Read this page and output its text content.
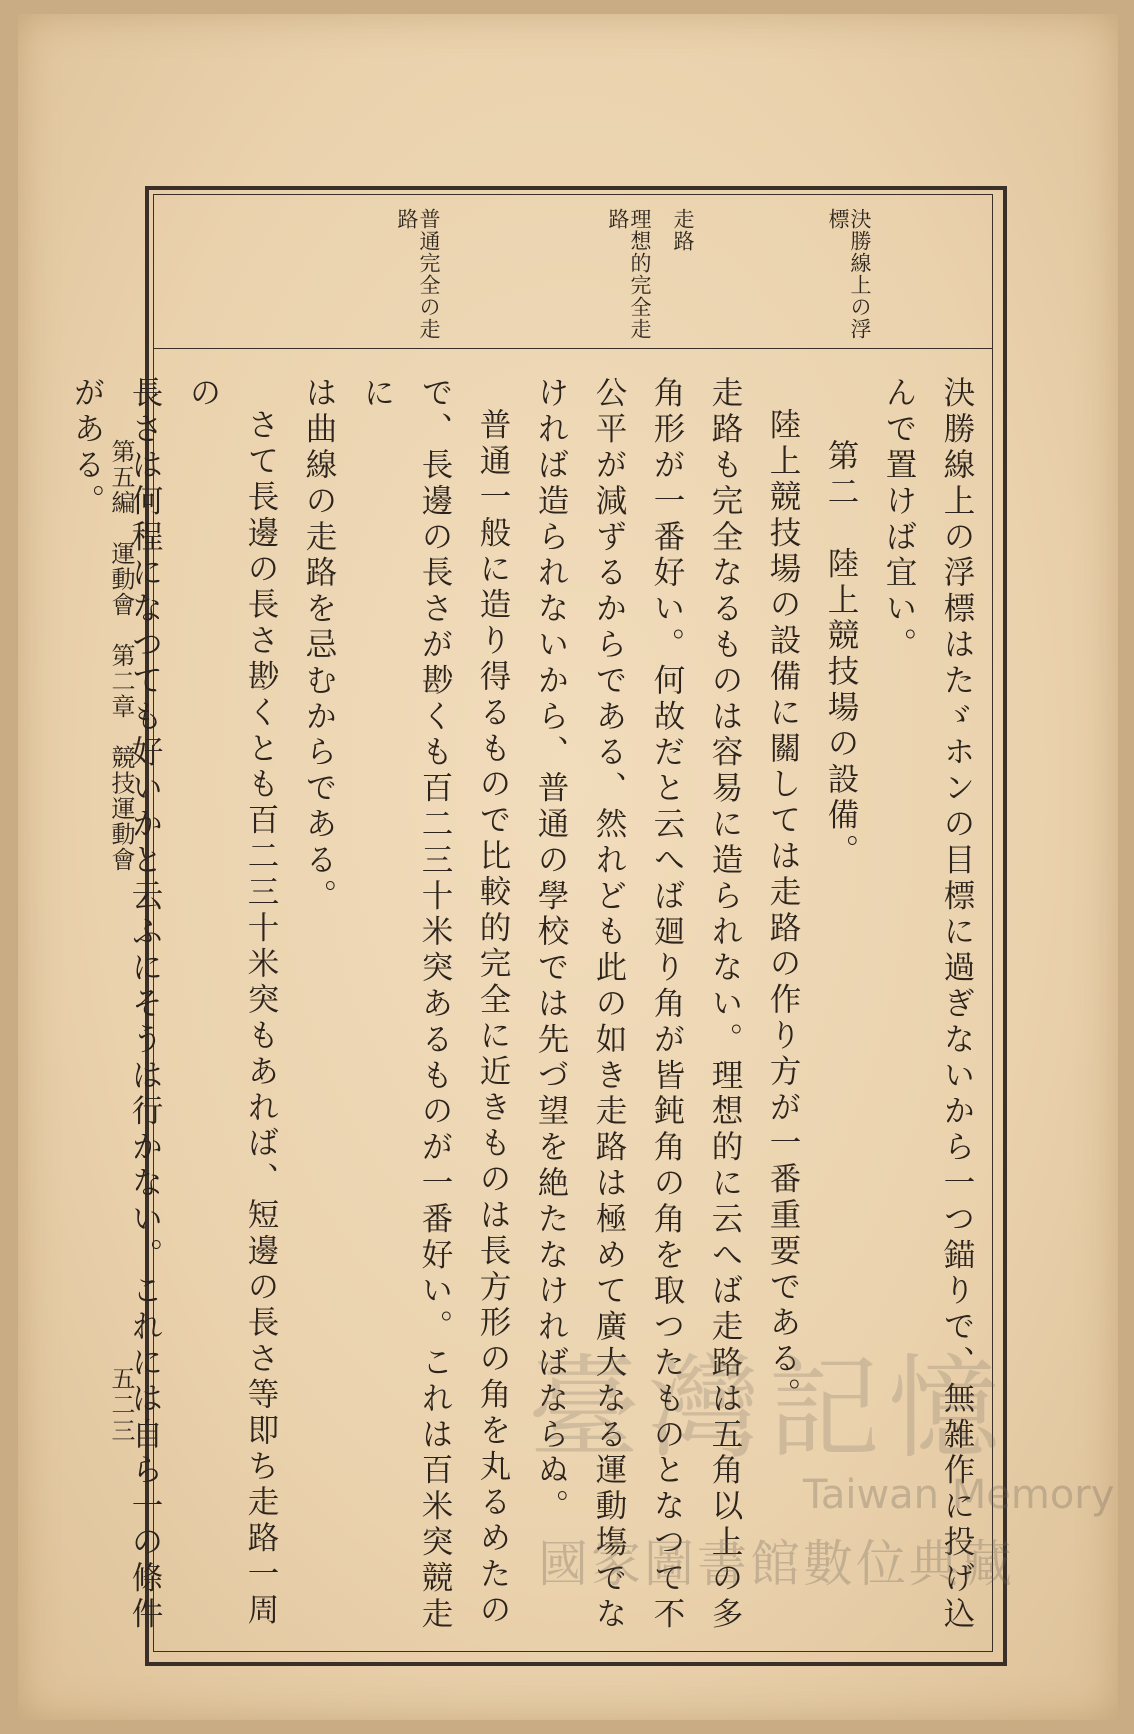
決勝線上の浮標
走路
理想的完全走路
普通完全の走路

決勝線上の浮標はたゞホンの目標に過ぎないから一つ錨りで、無雑作に投げ込

んで置けば宜い。

第二　陸上競技場の設備。

陸上競技場の設備に關しては走路の作り方が一番重要である。

走路も完全なるものは容易に造られない。理想的に云へば走路は五角以上の多

角形が一番好い。何故だと云へば廻り角が皆鈍角の角を取つたものとなつて不

公平が減ずるからである、然れども此の如き走路は極めて廣大なる運動塲でな

ければ造られないから、普通の學校では先づ望を絶たなければならぬ。

普通一般に造り得るもので比較的完全に近きものは長方形の角を丸るめたの

で、長邊の長さが尠くも百二三十米突あるものが一番好い。これは百米突競走に

は曲線の走路を忌むからである。

さて長邊の長さ尠くとも百二三十米突もあれば、短邊の長さ等即ち走路一周の

長さは何程になつても好いかと云ふにそうは行かない。これには自ら一の條件

がある。 第五編　運動會　第二章　競技運動會
五二三	臺灣記憶
Taiwan Memory
國家圖書館數位典藏
